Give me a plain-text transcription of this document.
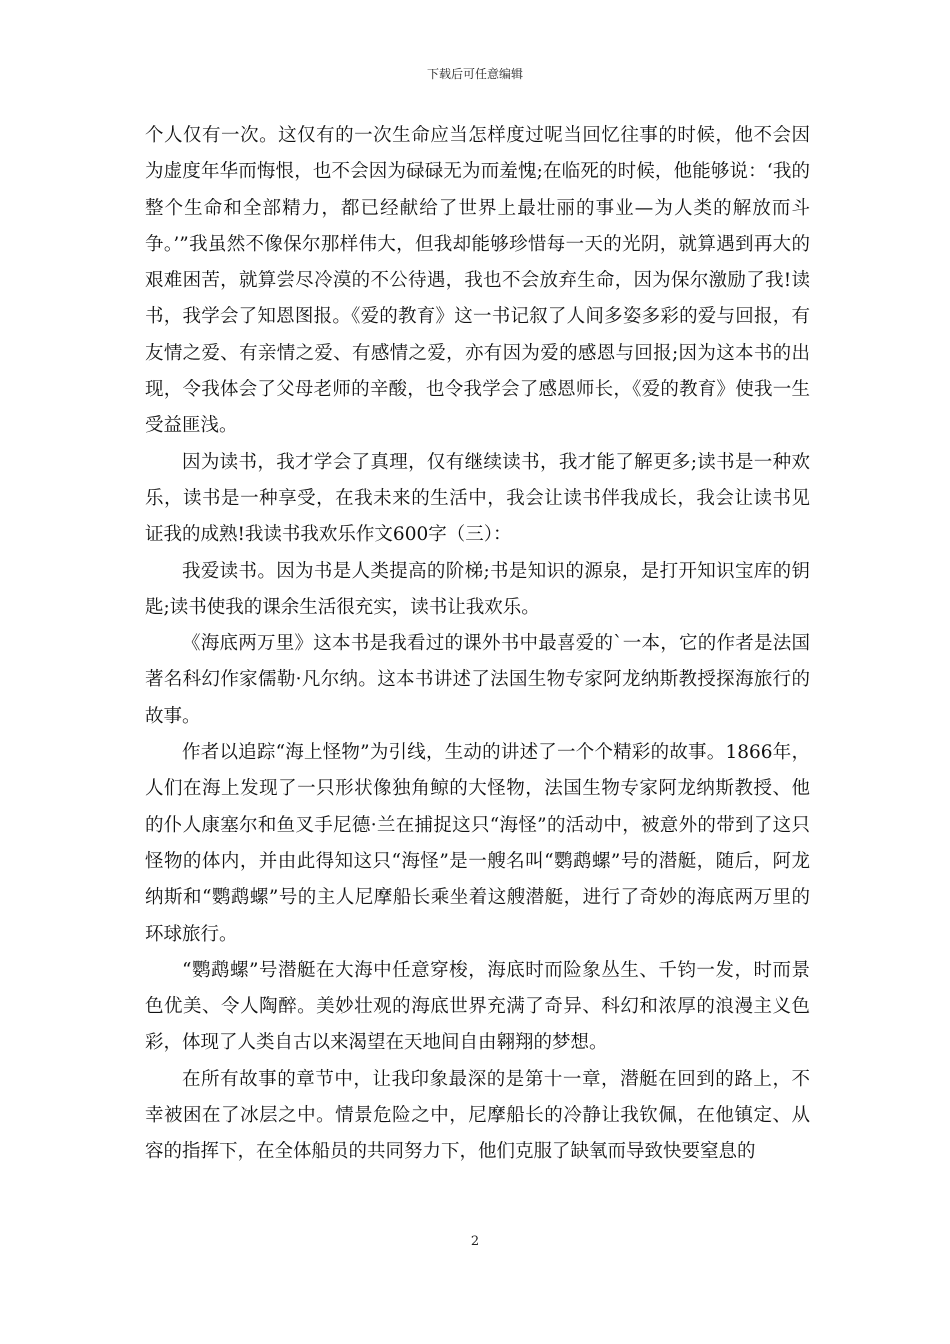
下载后可任意编辑

个人仅有一次。这仅有的一次生命应当怎样度过呢当回忆往事的时候，他不会因为虚度年华而悔恨，也不会因为碌碌无为而羞愧;在临死的时候，他能够说：‘我的整个生命和全部精力，都已经献给了世界上最壮丽的事业—为人类的解放而斗争。’”我虽然不像保尔那样伟大，但我却能够珍惜每一天的光阴，就算遇到再大的艰难困苦，就算尝尽冷漠的不公待遇，我也不会放弃生命，因为保尔激励了我!读书，我学会了知恩图报。《爱的教育》这一书记叙了人间多姿多彩的爱与回报，有友情之爱、有亲情之爱、有感情之爱，亦有因为爱的感恩与回报;因为这本书的出现，令我体会了父母老师的辛酸，也令我学会了感恩师长，《爱的教育》使我一生受益匪浅。

因为读书，我才学会了真理，仅有继续读书，我才能了解更多;读书是一种欢乐，读书是一种享受，在我未来的生活中，我会让读书伴我成长，我会让读书见证我的成熟!我读书我欢乐作文600字（三）：

我爱读书。因为书是人类提高的阶梯;书是知识的源泉，是打开知识宝库的钥匙;读书使我的课余生活很充实，读书让我欢乐。

《海底两万里》这本书是我看过的课外书中最喜爱的`一本，它的作者是法国著名科幻作家儒勒·凡尔纳。这本书讲述了法国生物专家阿龙纳斯教授探海旅行的故事。

作者以追踪“海上怪物”为引线，生动的讲述了一个个精彩的故事。1866年，人们在海上发现了一只形状像独角鲸的大怪物，法国生物专家阿龙纳斯教授、他的仆人康塞尔和鱼叉手尼德·兰在捕捉这只“海怪”的活动中，被意外的带到了这只怪物的体内，并由此得知这只“海怪”是一艘名叫“鹦鹉螺”号的潜艇，随后，阿龙纳斯和“鹦鹉螺”号的主人尼摩船长乘坐着这艘潜艇，进行了奇妙的海底两万里的环球旅行。

“鹦鹉螺”号潜艇在大海中任意穿梭，海底时而险象丛生、千钧一发，时而景色优美、令人陶醉。美妙壮观的海底世界充满了奇异、科幻和浓厚的浪漫主义色彩，体现了人类自古以来渴望在天地间自由翱翔的梦想。

在所有故事的章节中，让我印象最深的是第十一章，潜艇在回到的路上，不幸被困在了冰层之中。情景危险之中，尼摩船长的冷静让我钦佩，在他镇定、从容的指挥下，在全体船员的共同努力下，他们克服了缺氧而导致快要窒息的

2
